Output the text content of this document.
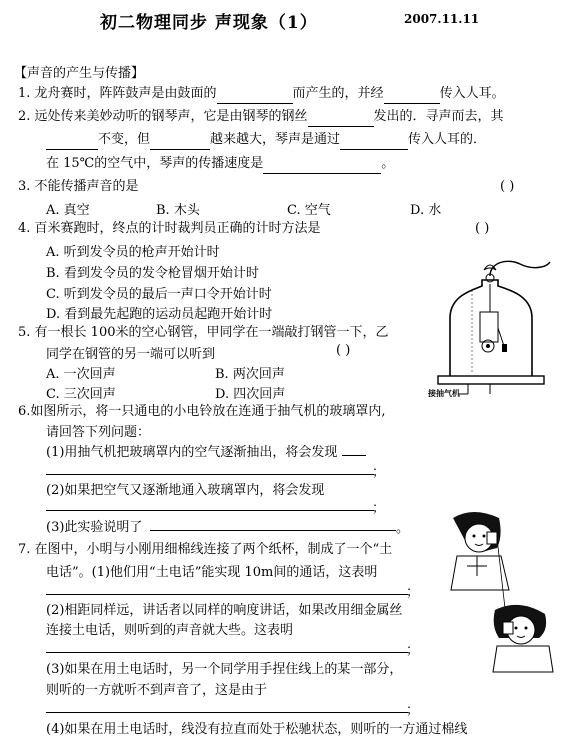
初二物理同步 声现象（1）	2007.11.11
【声音的产生与传播】
1. 龙舟赛时，阵阵鼓声是由鼓面的	而产生的，并经	传入人耳。
2. 远处传来美妙动听的钢琴声，它是由钢琴的钢丝	发出的．寻声而去，其
不变，但	越来越大，琴声是通过	传入人耳的．
在 15℃的空气中，琴声的传播速度是	。
3. 不能传播声音的是	( )
A. 真空	B. 木头	C. 空气	D. 水
4. 百米赛跑时，终点的计时裁判员正确的计时方法是	( )
A. 听到发令员的枪声开始计时
B. 看到发令员的发令枪冒烟开始计时
C. 听到发令员的最后一声口令开始计时
D. 看到最先起跑的运动员起跑开始计时
5. 有一根长 100米的空心钢管，甲同学在一端敲打钢管一下，乙
同学在钢管的另一端可以听到	( )
A. 一次回声	B. 两次回声
C. 三次回声	D. 四次回声	接抽气机
6.如图所示，将一只通电的小电铃放在连通于抽气机的玻璃罩内,
请回答下列问题：
(1)用抽气机把玻璃罩内的空气逐渐抽出，将会发现
；
(2)如果把空气又逐渐地通入玻璃罩内，将会发现
；
(3)此实验说明了	。
7. 在图中，小明与小刚用细棉线连接了两个纸杯，制成了一个“土
电话”。(1)他们用“土电话”能实现 10m间的通话，这表明
；
(2)相距同样远，讲话者以同样的响度讲话，如果改用细金属丝
连接土电话，则听到的声音就大些。这表明
；
(3)如果在用土电话时，另一个同学用手捏住线上的某一部分，
则听的一方就听不到声音了，这是由于
；
(4)如果在用土电话时，线没有拉直而处于松驰状态，则听的一方通过棉线
